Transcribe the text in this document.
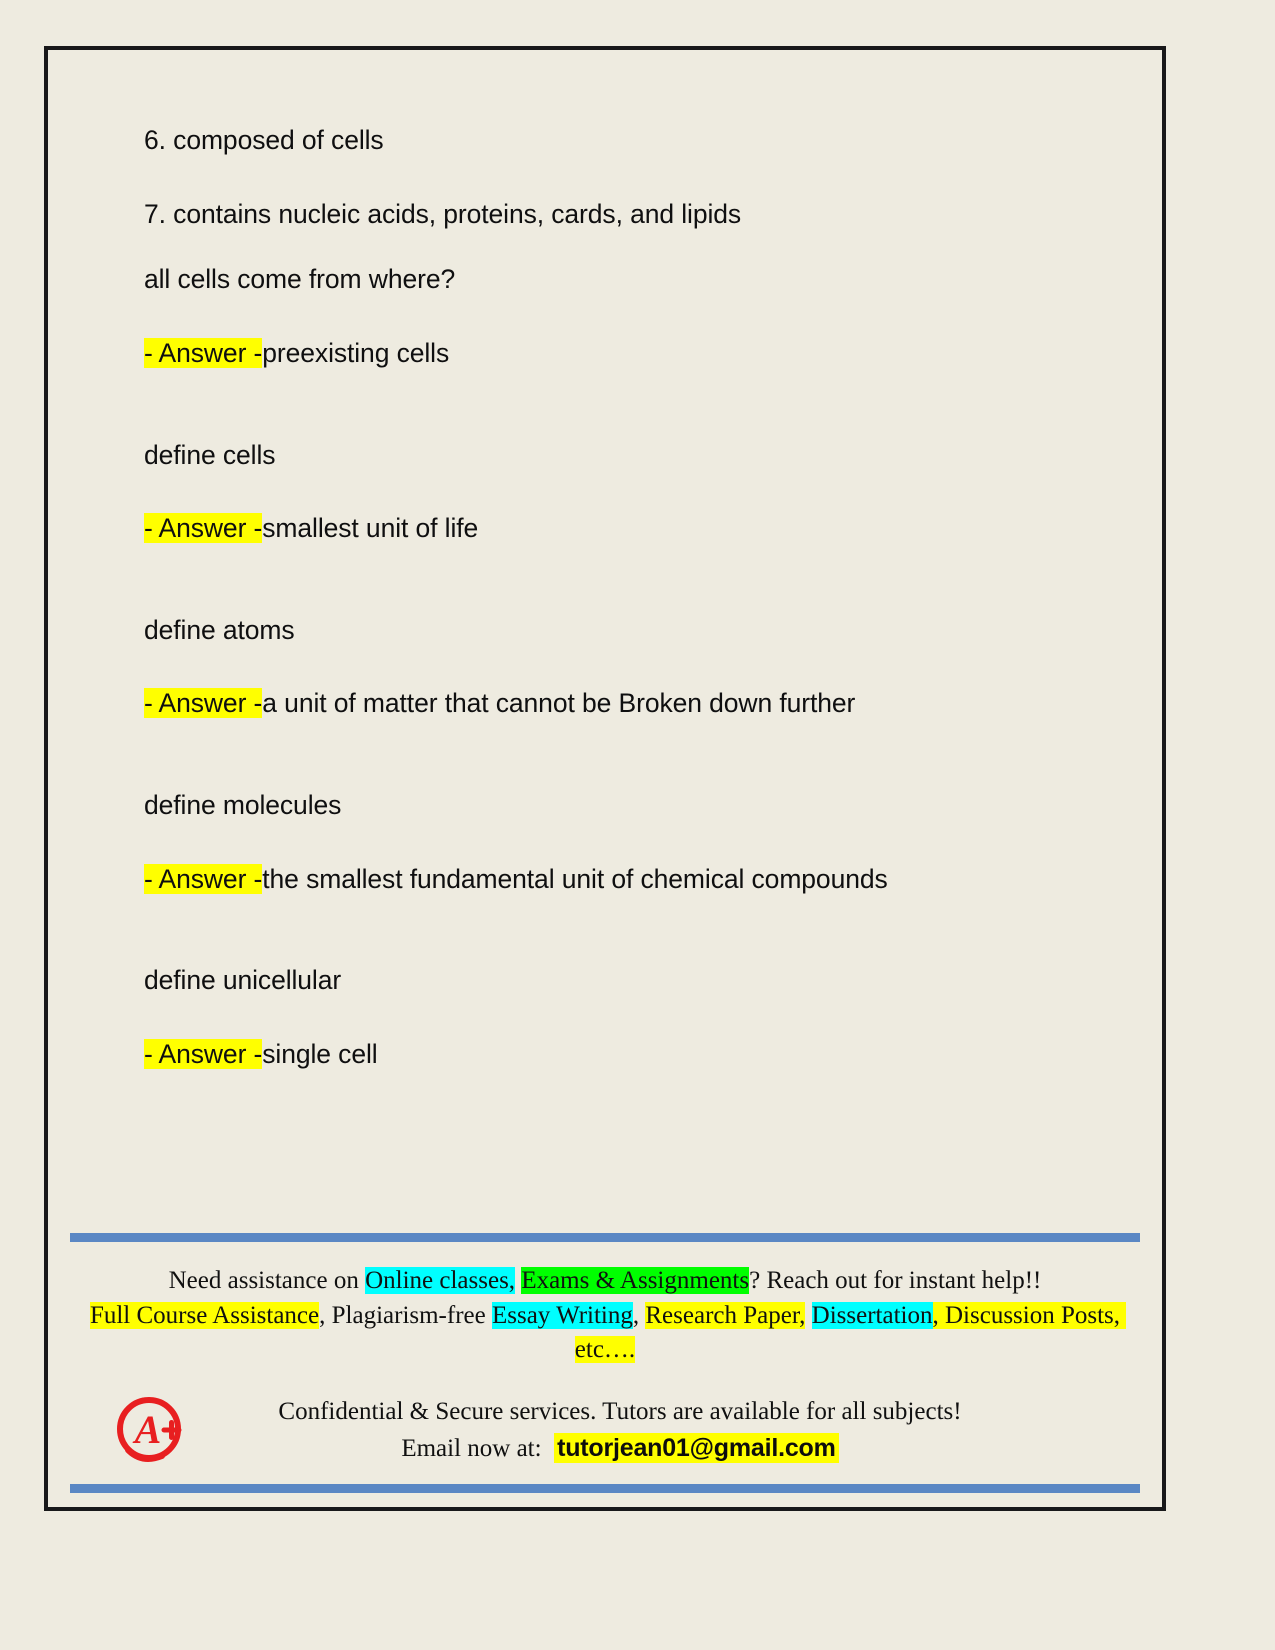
6. composed of cells
7. contains nucleic acids, proteins, cards, and lipids
all cells come from where?
- Answer -preexisting cells
define cells
- Answer -smallest unit of life
define atoms
- Answer -a unit of matter that cannot be Broken down further
define molecules
- Answer -the smallest fundamental unit of chemical compounds
define unicellular
- Answer -single cell
Need assistance on Online classes, Exams & Assignments? Reach out for instant help!!
Full Course Assistance, Plagiarism-free Essay Writing, Research Paper, Dissertation, Discussion Posts, etc….
A	Confidential & Secure services. Tutors are available for all subjects!
Email now at: tutorjean01@gmail.com
